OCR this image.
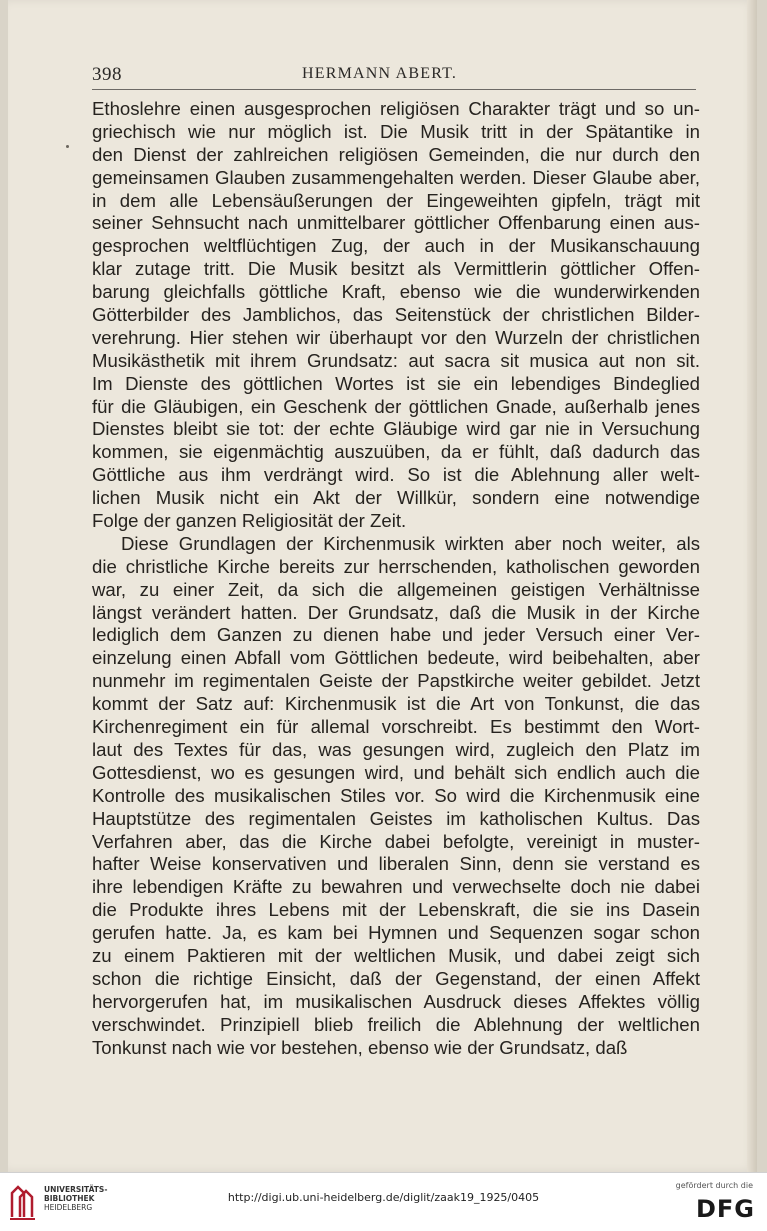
398	HERMANN ABERT.
Ethoslehre einen ausgesprochen religiösen Charakter trägt und so un-
griechisch wie nur möglich ist. Die Musik tritt in der Spätantike in
den Dienst der zahlreichen religiösen Gemeinden, die nur durch den
gemeinsamen Glauben zusammengehalten werden. Dieser Glaube aber,
in dem alle Lebensäußerungen der Eingeweihten gipfeln, trägt mit
seiner Sehnsucht nach unmittelbarer göttlicher Offenbarung einen aus-
gesprochen weltflüchtigen Zug, der auch in der Musikanschauung
klar zutage tritt. Die Musik besitzt als Vermittlerin göttlicher Offen-
barung gleichfalls göttliche Kraft, ebenso wie die wunderwirkenden
Götterbilder des Jamblichos, das Seitenstück der christlichen Bilder-
verehrung. Hier stehen wir überhaupt vor den Wurzeln der christlichen
Musikästhetik mit ihrem Grundsatz: aut sacra sit musica aut non sit.
Im Dienste des göttlichen Wortes ist sie ein lebendiges Bindeglied
für die Gläubigen, ein Geschenk der göttlichen Gnade, außerhalb jenes
Dienstes bleibt sie tot: der echte Gläubige wird gar nie in Versuchung
kommen, sie eigenmächtig auszuüben, da er fühlt, daß dadurch das
Göttliche aus ihm verdrängt wird. So ist die Ablehnung aller welt-
lichen Musik nicht ein Akt der Willkür, sondern eine notwendige
Folge der ganzen Religiosität der Zeit.
Diese Grundlagen der Kirchenmusik wirkten aber noch weiter, als
die christliche Kirche bereits zur herrschenden, katholischen geworden
war, zu einer Zeit, da sich die allgemeinen geistigen Verhältnisse
längst verändert hatten. Der Grundsatz, daß die Musik in der Kirche
lediglich dem Ganzen zu dienen habe und jeder Versuch einer Ver-
einzelung einen Abfall vom Göttlichen bedeute, wird beibehalten, aber
nunmehr im regimentalen Geiste der Papstkirche weiter gebildet. Jetzt
kommt der Satz auf: Kirchenmusik ist die Art von Tonkunst, die das
Kirchenregiment ein für allemal vorschreibt. Es bestimmt den Wort-
laut des Textes für das, was gesungen wird, zugleich den Platz im
Gottesdienst, wo es gesungen wird, und behält sich endlich auch die
Kontrolle des musikalischen Stiles vor. So wird die Kirchenmusik eine
Hauptstütze des regimentalen Geistes im katholischen Kultus. Das
Verfahren aber, das die Kirche dabei befolgte, vereinigt in muster-
hafter Weise konservativen und liberalen Sinn, denn sie verstand es
ihre lebendigen Kräfte zu bewahren und verwechselte doch nie dabei
die Produkte ihres Lebens mit der Lebenskraft, die sie ins Dasein
gerufen hatte. Ja, es kam bei Hymnen und Sequenzen sogar schon
zu einem Paktieren mit der weltlichen Musik, und dabei zeigt sich
schon die richtige Einsicht, daß der Gegenstand, der einen Affekt
hervorgerufen hat, im musikalischen Ausdruck dieses Affektes völlig
verschwindet. Prinzipiell blieb freilich die Ablehnung der weltlichen
Tonkunst nach wie vor bestehen, ebenso wie der Grundsatz, daß
UNIVERSITÄTS-
BIBLIOTHEK
HEIDELBERG
http://digi.ub.uni-heidelberg.de/diglit/zaak19_1925/0405
gefördert durch die
DFG
